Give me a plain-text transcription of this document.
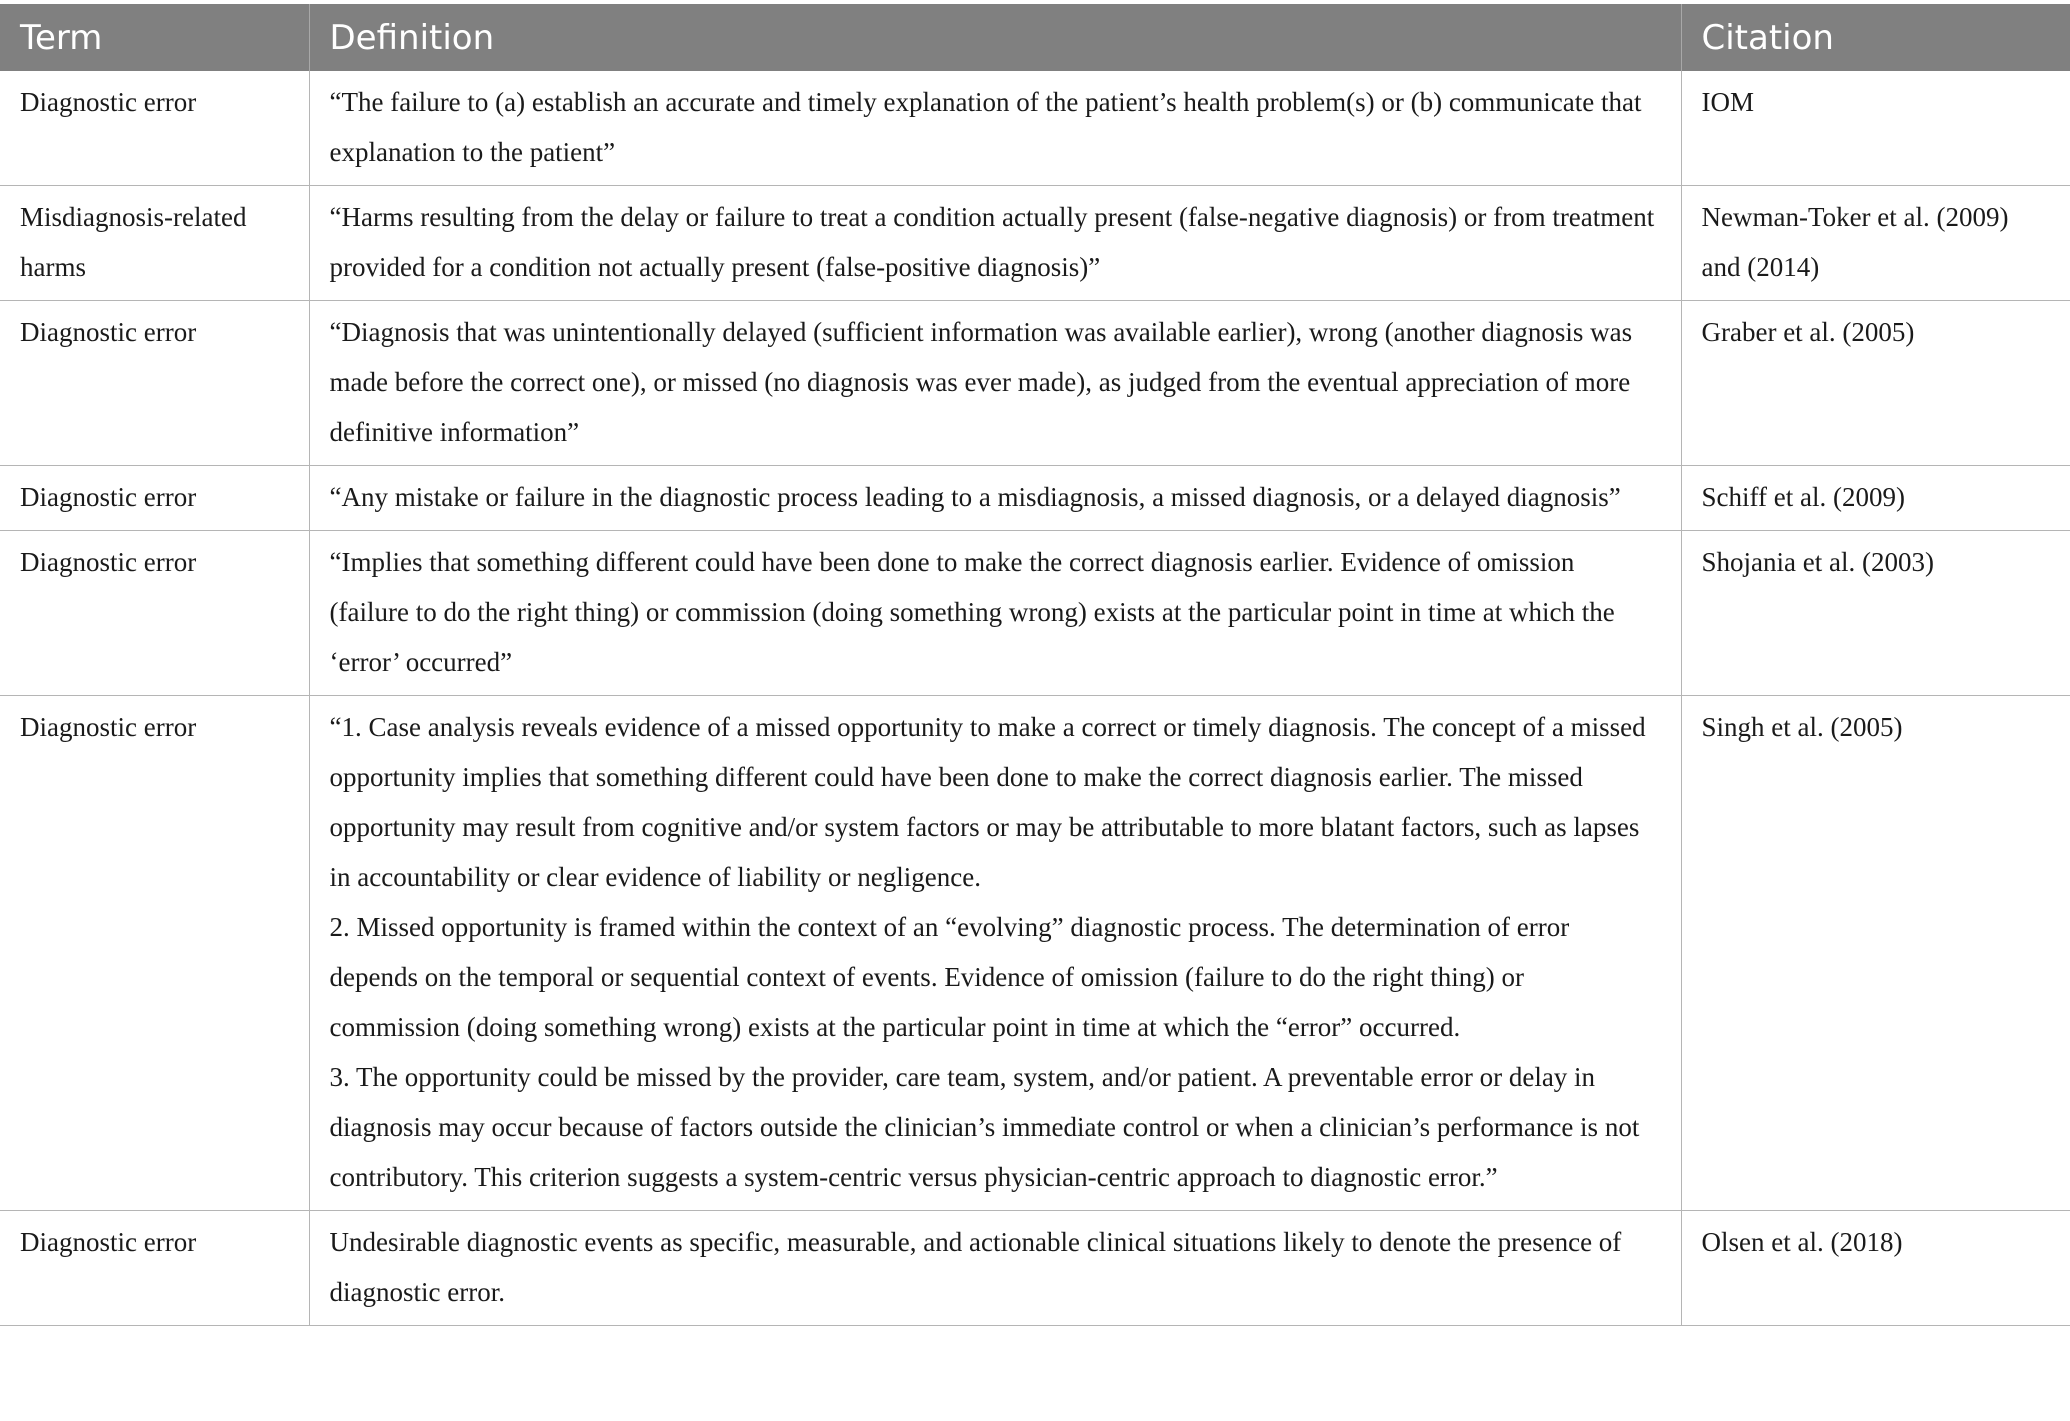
Term	Definition	Citation
Diagnostic error	“The failure to (a) establish an accurate and timely explanation of the patient’s health problem(s) or (b) communicate that explanation to the patient”	IOM
Misdiagnosis-related harms	“Harms resulting from the delay or failure to treat a condition actually present (false-negative diagnosis) or from treatment provided for a condition not actually present (false-positive diagnosis)”	Newman-Toker et al. (2009) and (2014)
Diagnostic error	“Diagnosis that was unintentionally delayed (sufficient information was available earlier), wrong (another diagnosis was made before the correct one), or missed (no diagnosis was ever made), as judged from the eventual appreciation of more definitive information”	Graber et al. (2005)
Diagnostic error	“Any mistake or failure in the diagnostic process leading to a misdiagnosis, a missed diagnosis, or a delayed diagnosis”	Schiff et al. (2009)
Diagnostic error	“Implies that something different could have been done to make the correct diagnosis earlier. Evidence of omission (failure to do the right thing) or commission (doing something wrong) exists at the particular point in time at which the ‘error’ occurred”	Shojania et al. (2003)
Diagnostic error	“1. Case analysis reveals evidence of a missed opportunity to make a correct or timely diagnosis. The concept of a missed opportunity implies that something different could have been done to make the correct diagnosis earlier. The missed opportunity may result from cognitive and/or system factors or may be attributable to more blatant factors, such as lapses in accountability or clear evidence of liability or negligence.
2. Missed opportunity is framed within the context of an “evolving” diagnostic process. The determination of error depends on the temporal or sequential context of events. Evidence of omission (failure to do the right thing) or commission (doing something wrong) exists at the particular point in time at which the “error” occurred.
3. The opportunity could be missed by the provider, care team, system, and/or patient. A preventable error or delay in diagnosis may occur because of factors outside the clinician’s immediate control or when a clinician’s performance is not contributory. This criterion suggests a system-centric versus physician-centric approach to diagnostic error.”	Singh et al. (2005)
Diagnostic error	Undesirable diagnostic events as specific, measurable, and actionable clinical situations likely to denote the presence of diagnostic error.	Olsen et al. (2018)
